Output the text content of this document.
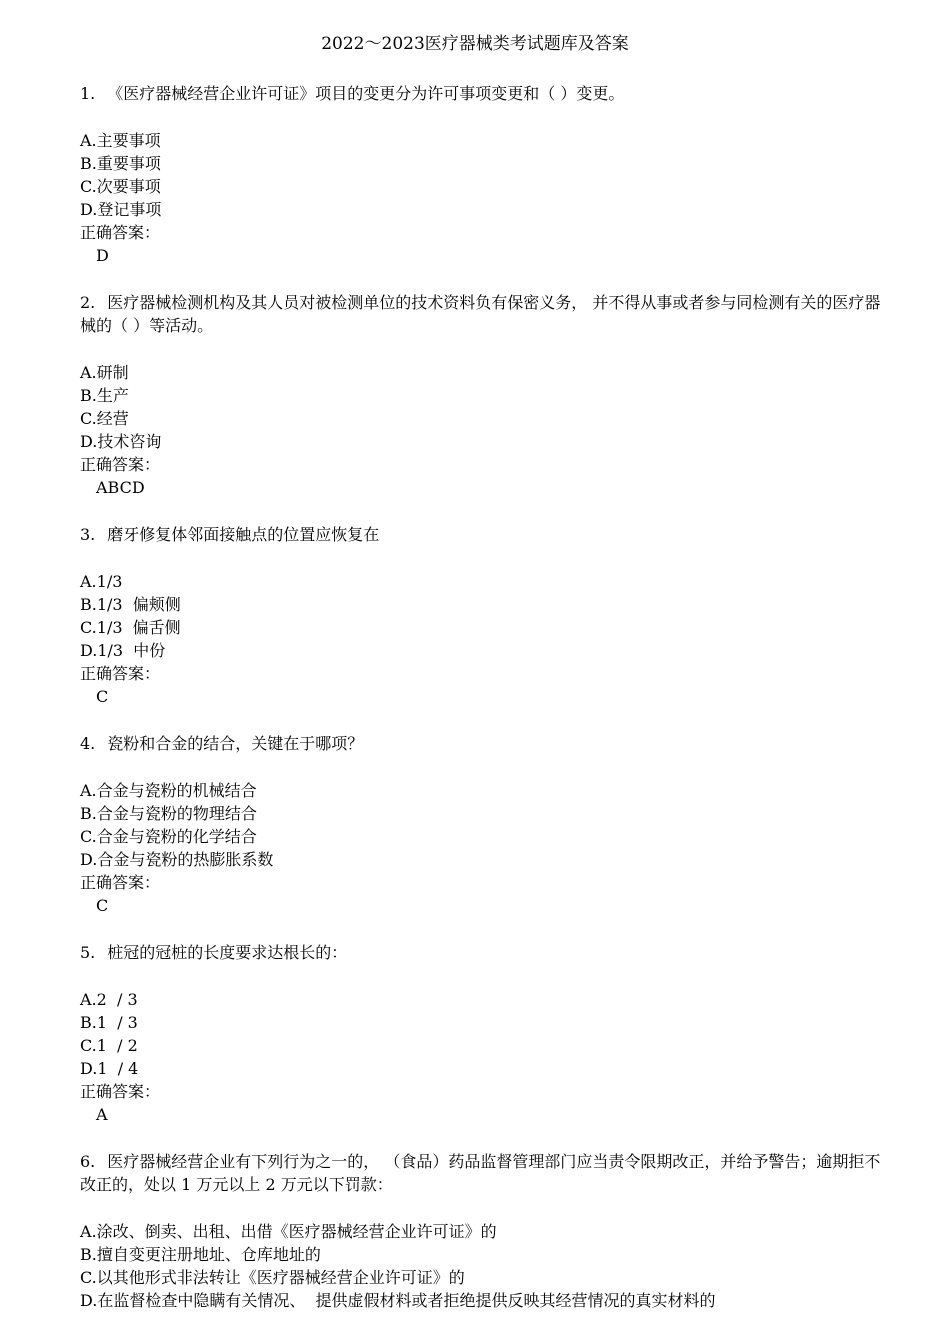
2022～2023医疗器械类考试题库及答案
1. 《医疗器械经营企业许可证》项目的变更分为许可事项变更和（ ）变更。
A.主要事项
B.重要事项
C.次要事项
D.登记事项
正确答案：
D
2. 医疗器械检测机构及其人员对被检测单位的技术资料负有保密义务， 并不得从事或者参与同检测有关的医疗器械的（ ）等活动。
A.研制
B.生产
C.经营
D.技术咨询
正确答案：
ABCD
3. 磨牙修复体邻面接触点的位置应恢复在
A.1/3
B.1/3  偏颊侧
C.1/3  偏舌侧
D.1/3  中份
正确答案：
C
4. 瓷粉和合金的结合，关键在于哪项？
A.合金与瓷粉的机械结合
B.合金与瓷粉的物理结合
C.合金与瓷粉的化学结合
D.合金与瓷粉的热膨胀系数
正确答案：
C
5. 桩冠的冠桩的长度要求达根长的：
A.2  / 3
B.1  / 3
C.1  / 2
D.1  / 4
正确答案：
A
6. 医疗器械经营企业有下列行为之一的， （食品）药品监督管理部门应当责令限期改正，并给予警告；逾期拒不改正的，处以 1 万元以上 2 万元以下罚款：
A.涂改、倒卖、出租、出借《医疗器械经营企业许可证》的
B.擅自变更注册地址、仓库地址的
C.以其他形式非法转让《医疗器械经营企业许可证》的
D.在监督检查中隐瞒有关情况、  提供虚假材料或者拒绝提供反映其经营情况的真实材料的
